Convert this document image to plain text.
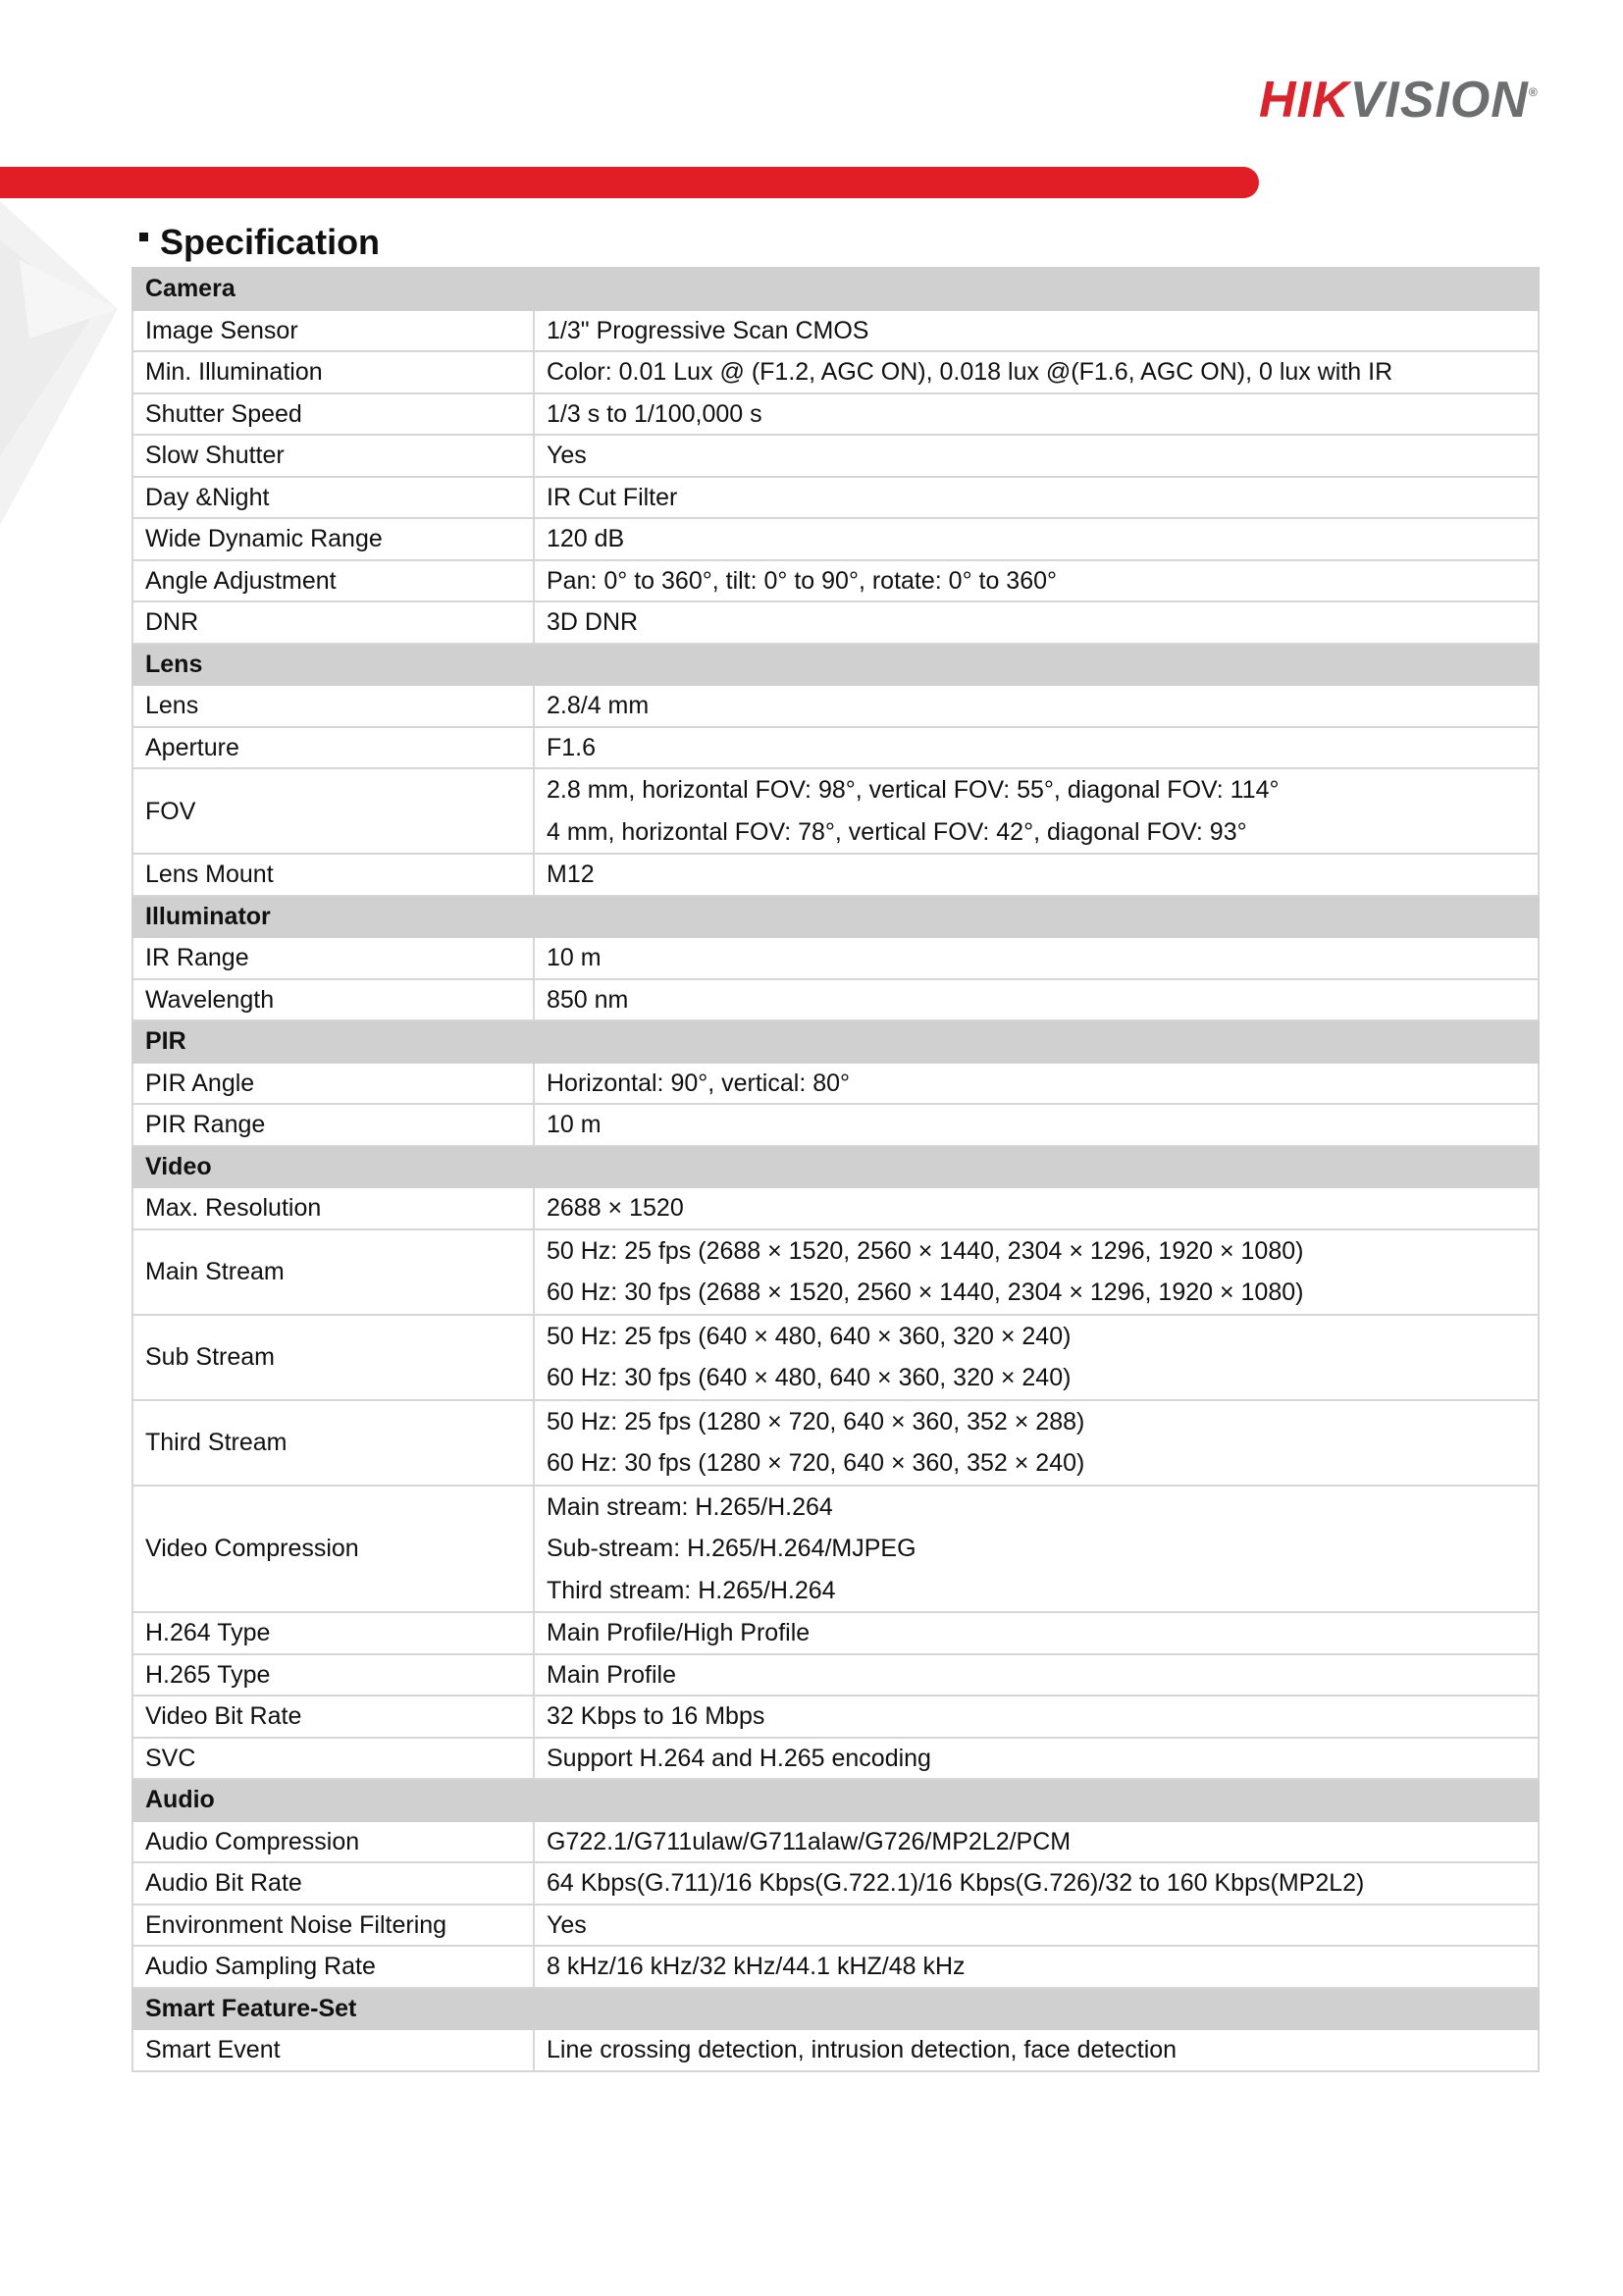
HIKVISION®
Specification
Camera	
Image Sensor	1/3" Progressive Scan CMOS
Min. Illumination	Color: 0.01 Lux @ (F1.2, AGC ON), 0.018 lux @(F1.6, AGC ON), 0 lux with IR
Shutter Speed	1/3 s to 1/100,000 s
Slow Shutter	Yes
Day &Night	IR Cut Filter
Wide Dynamic Range	120 dB
Angle Adjustment	Pan: 0° to 360°, tilt: 0° to 90°, rotate: 0° to 360°
DNR	3D DNR
Lens	
Lens	2.8/4 mm
Aperture	F1.6
FOV	2.8 mm, horizontal FOV: 98°, vertical FOV: 55°, diagonal FOV: 114°
4 mm, horizontal FOV: 78°, vertical FOV: 42°, diagonal FOV: 93°

Lens Mount	M12
Illuminator	
IR Range	10 m
Wavelength	850 nm
PIR	
PIR Angle	Horizontal: 90°, vertical: 80°
PIR Range	10 m
Video	
Max. Resolution	2688 × 1520
Main Stream	50 Hz: 25 fps (2688 × 1520, 2560 × 1440, 2304 × 1296, 1920 × 1080)
60 Hz: 30 fps (2688 × 1520, 2560 × 1440, 2304 × 1296, 1920 × 1080)

Sub Stream	50 Hz: 25 fps (640 × 480, 640 × 360, 320 × 240)
60 Hz: 30 fps (640 × 480, 640 × 360, 320 × 240)

Third Stream	50 Hz: 25 fps (1280 × 720, 640 × 360, 352 × 288)
60 Hz: 30 fps (1280 × 720, 640 × 360, 352 × 240)

Video Compression	Main stream: H.265/H.264
Sub-stream: H.265/H.264/MJPEG
Third stream: H.265/H.264

H.264 Type	Main Profile/High Profile
H.265 Type	Main Profile
Video Bit Rate	32 Kbps to 16 Mbps
SVC	Support H.264 and H.265 encoding
Audio	
Audio Compression	G722.1/G711ulaw/G711alaw/G726/MP2L2/PCM
Audio Bit Rate	64 Kbps(G.711)/16 Kbps(G.722.1)/16 Kbps(G.726)/32 to 160 Kbps(MP2L2)
Environment Noise Filtering	Yes
Audio Sampling Rate	8 kHz/16 kHz/32 kHz/44.1 kHZ/48 kHz
Smart Feature-Set	
Smart Event	Line crossing detection, intrusion detection, face detection
